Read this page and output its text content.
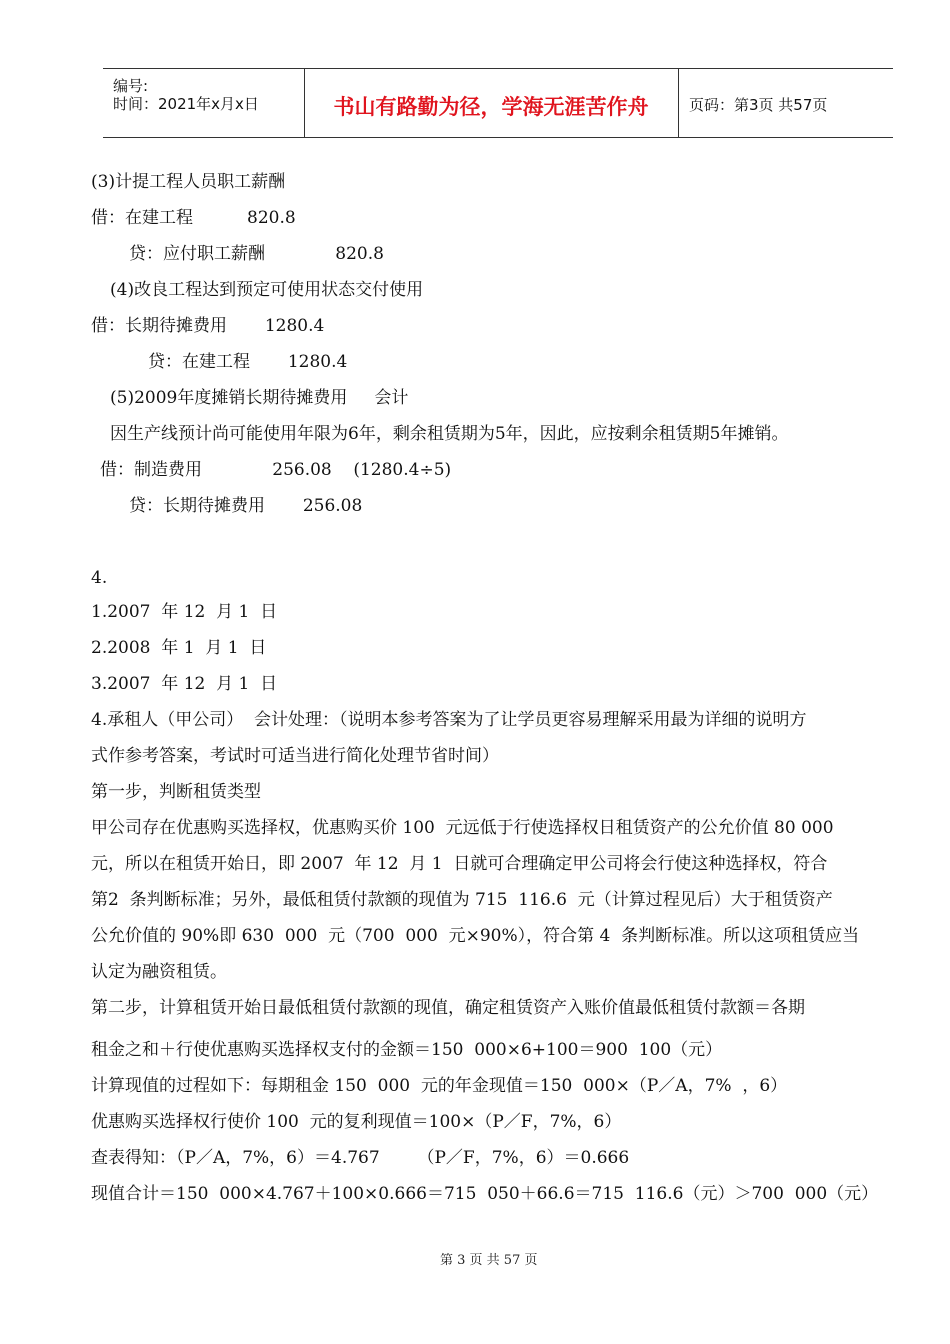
编号:
时间：2021年x月x日	书山有路勤为径，学海无涯苦作舟	页码：第3页 共57页
(3)计提工程人员职工薪酬
借：在建工程          820.8
贷：应付职工薪酬             820.8
(4)改良工程达到预定可使用状态交付使用
借：长期待摊费用       1280.4
贷：在建工程       1280.4
(5)2009年度摊销长期待摊费用     会计
因生产线预计尚可能使用年限为6年，剩余租赁期为5年，因此，应按剩余租赁期5年摊销。
借：制造费用             256.08    (1280.4÷5)
贷：长期待摊费用       256.08
4.
1.2007  年 12  月 1  日
2.2008  年 1  月 1  日
3.2007  年 12  月 1  日
4.承租人（甲公司）  会计处理：（说明本参考答案为了让学员更容易理解采用最为详细的说明方
式作参考答案，考试时可适当进行简化处理节省时间）
第一步，判断租赁类型
甲公司存在优惠购买选择权，优惠购买价 100  元远低于行使选择权日租赁资产的公允价值 80 000
元，所以在租赁开始日，即 2007  年 12  月 1  日就可合理确定甲公司将会行使这种选择权，符合
第2  条判断标准；另外，最低租赁付款额的现值为 715  116.6  元（计算过程见后）大于租赁资产
公允价值的 90%即 630  000  元（700  000  元×90%），符合第 4  条判断标准。所以这项租赁应当
认定为融资租赁。
第二步，计算租赁开始日最低租赁付款额的现值，确定租赁资产入账价值最低租赁付款额＝各期
租金之和＋行使优惠购买选择权支付的金额＝150  000×6+100＝900  100（元）
计算现值的过程如下：每期租金 150  000  元的年金现值＝150  000×（P／A，7%  ，6）
优惠购买选择权行使价 100  元的复利现值＝100×（P／F，7%，6）
查表得知：（P／A，7%，6）＝4.767       （P／F，7%，6）＝0.666
现值合计＝150  000×4.767＋100×0.666＝715  050＋66.6＝715  116.6（元）＞700  000（元）
第 3 页 共 57 页
